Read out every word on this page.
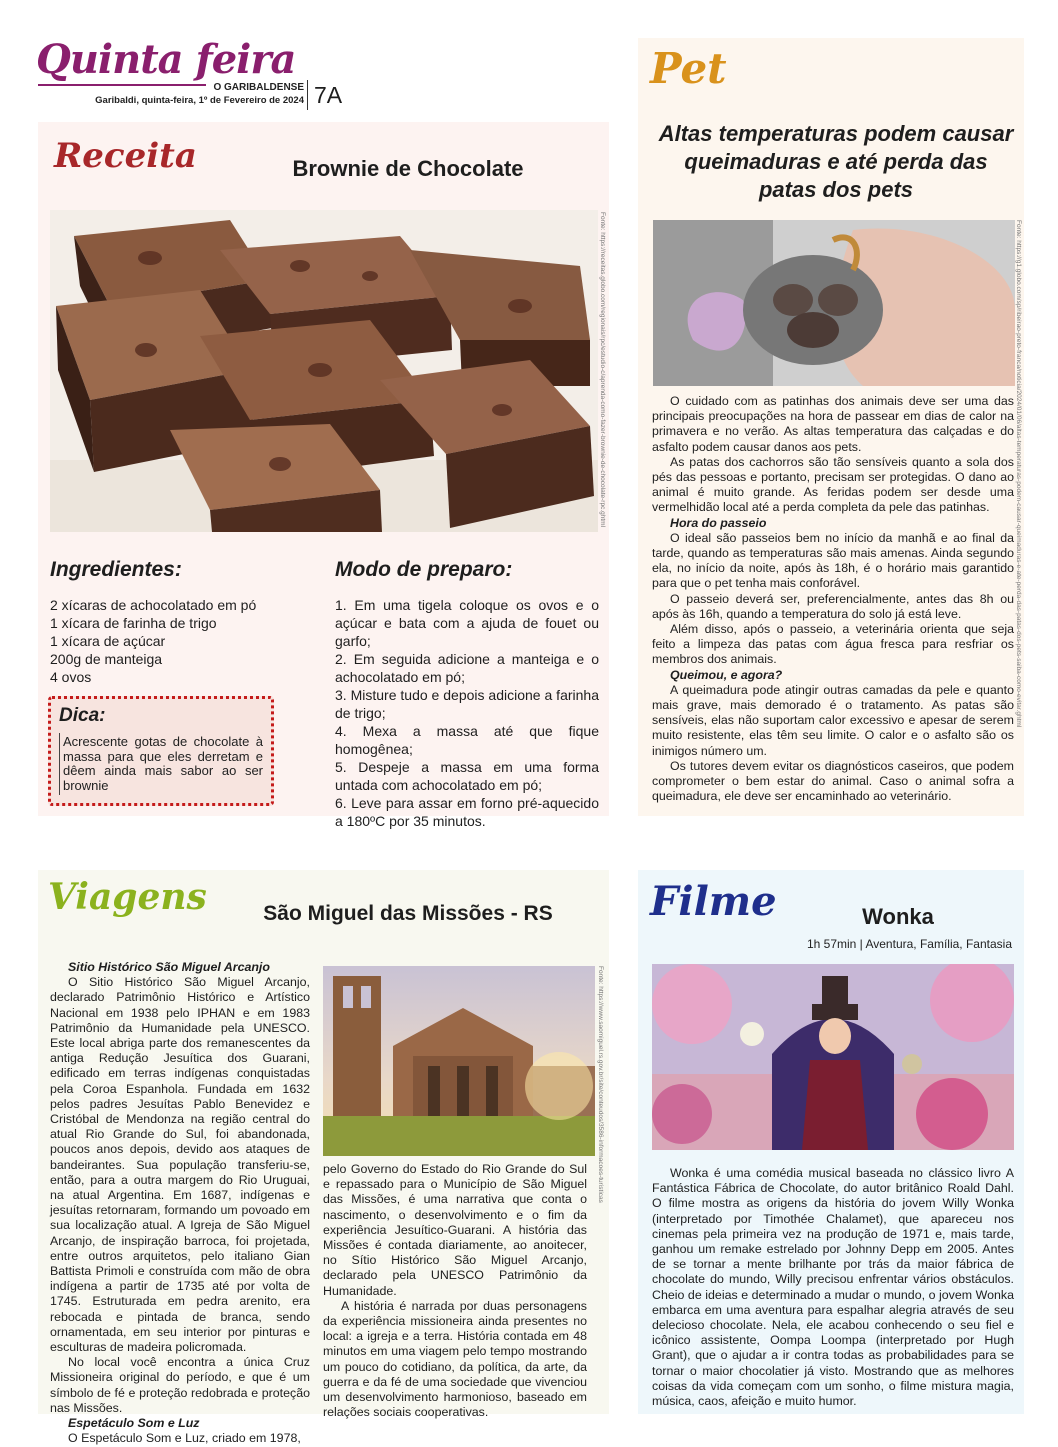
Quinta feira
O GARIBALDENSE
Garibaldi, quinta-feira, 1º de Fevereiro de 2024 7A
Receita	Brownie de Chocolate
Fonte: https://receitas.globo.com/regionais/rpc/estudio-c/aprenda-como-fazer-brownie-de-chocolate-rpc.ghtml
Ingredientes:
2 xícaras de achocolatado em pó
1 xícara de farinha de trigo
1 xícara de açúcar
200g de manteiga
4 ovos
Dica:
Acrescente gotas de chocolate à massa para que eles derretam e dêem ainda mais sabor ao ser brownie
Modo de preparo:
1. Em uma tigela coloque os ovos e o açúcar e bata com a ajuda de fouet ou garfo;
2. Em seguida adicione a manteiga e o achocolatado em pó;
3. Misture tudo e depois adicione a farinha de trigo;
4. Mexa a massa até que fique homogênea;
5. Despeje a massa em uma forma untada com achocolatado em pó;
6. Leve para assar em forno pré-aquecido a 180ºC por 35 minutos.
Pet
Altas temperaturas podem causar queimaduras e até perda das patas dos pets
Fonte: https://g1.globo.com/sp/ribeirao-preto-franca/noticia/2024/01/06/altas-temperaturas-podem-causar-queimaduras-e-ate-perda-das-patas-dos-pets-saiba-como-evitar.ghtml

O cuidado com as patinhas dos animais deve ser uma das principais preocupações na hora de passear em dias de calor na primavera e no verão. As altas temperatura das calçadas e do asfalto podem causar danos aos pets.

As patas dos cachorros são tão sensíveis quanto a sola dos pés das pessoas e portanto, precisam ser protegidas. O dano ao animal é muito grande. As feridas podem ser desde uma vermelhidão local até a perda completa da pele das patinhas.

Hora do passeio

O ideal são passeios bem no início da manhã e ao final da tarde, quando as temperaturas são mais amenas. Ainda segundo ela, no início da noite, após às 18h, é o horário mais garantido para que o pet tenha mais conforável.

O passeio deverá ser, preferencialmente, antes das 8h ou após às 16h, quando a temperatura do solo já está leve.

Além disso, após o passeio, a veterinária orienta que seja feito a limpeza das patas com água fresca para resfriar os membros dos animais.

Queimou, e agora?

A queimadura pode atingir outras camadas da pele e quanto mais grave, mais demorado é o tratamento. As patas são sensíveis, elas não suportam calor excessivo e apesar de serem muito resistente, elas têm seu limite. O calor e o asfalto são os inimigos número um.

Os tutores devem evitar os diagnósticos caseiros, que podem comprometer o bem estar do animal. Caso o animal sofra a queimadura, ele deve ser encaminhado ao veterinário.

Viagens	São Miguel das Missões - RS

Sitio Histórico São Miguel Arcanjo

O Sitio Histórico São Miguel Arcanjo, declarado Patrimônio Histórico e Artístico Nacional em 1938 pelo IPHAN e em 1983 Patrimônio da Humanidade pela UNESCO. Este local abriga parte dos remanescentes da antiga Redução Jesuítica dos Guarani, edificado em terras indígenas conquistadas pela Coroa Espanhola. Fundada em 1632 pelos padres Jesuítas Pablo Benevidez e Cristóbal de Mendonza na região central do atual Rio Grande do Sul, foi abandonada, poucos anos depois, devido aos ataques de bandeirantes. Sua população transferiu-se, então, para a outra margem do Rio Uruguai, na atual Argentina. Em 1687, indígenas e jesuítas retornaram, formando um povoado em sua localização atual. A Igreja de São Miguel Arcanjo, de inspiração barroca, foi projetada, entre outros arquitetos, pelo italiano Gian Battista Primoli e construída com mão de obra indígena a partir de 1735 até por volta de 1745. Estruturada em pedra arenito, era rebocada e pintada de branca, sendo ornamentada, em seu interior por pinturas e esculturas de madeira policromada.

No local você encontra a única Cruz Missioneira original do período, e que é um símbolo de fé e proteção redobrada e proteção nas Missões.

Espetáculo Som e Luz

O Espetáculo Som e Luz, criado em 1978,

Fonte: https://www.saomiguel.rs.gov.br/site/conteudos/3586-informacoes-turisticas

pelo Governo do Estado do Rio Grande do Sul e repassado para o Município de São Miguel das Missões, é uma narrativa que conta o nascimento, o desenvolvimento e o fim da experiência Jesuítico-Guarani. A história das Missões é contada diariamente, ao anoitecer, no Sítio Histórico São Miguel Arcanjo, declarado pela UNESCO Patrimônio da Humanidade.

A história é narrada por duas personagens da experiência missioneira ainda presentes no local: a igreja e a terra. História contada em 48 minutos em uma viagem pelo tempo mostrando um pouco do cotidiano, da política, da arte, da guerra e da fé de uma sociedade que vivenciou um desenvolvimento harmonioso, baseado em relações sociais cooperativas.

Filme	Wonka
1h 57min | Aventura, Família, Fantasia

Wonka é uma comédia musical baseada no clássico livro A Fantástica Fábrica de Chocolate, do autor britânico Roald Dahl. O filme mostra as origens da história do jovem Willy Wonka (interpretado por Timothée Chalamet), que apareceu nos cinemas pela primeira vez na produção de 1971 e, mais tarde, ganhou um remake estrelado por Johnny Depp em 2005. Antes de se tornar a mente brilhante por trás da maior fábrica de chocolate do mundo, Willy precisou enfrentar vários obstáculos. Cheio de ideias e determinado a mudar o mundo, o jovem Wonka embarca em uma aventura para espalhar alegria através de seu delecioso chocolate. Nela, ele acabou conhecendo o seu fiel e icônico assistente, Oompa Loompa (interpretado por Hugh Grant), que o ajudar a ir contra todas as probabilidades para se tornar o maior chocolatier já visto. Mostrando que as melhores coisas da vida começam com um sonho, o filme mistura magia, música, caos, afeição e muito humor.
